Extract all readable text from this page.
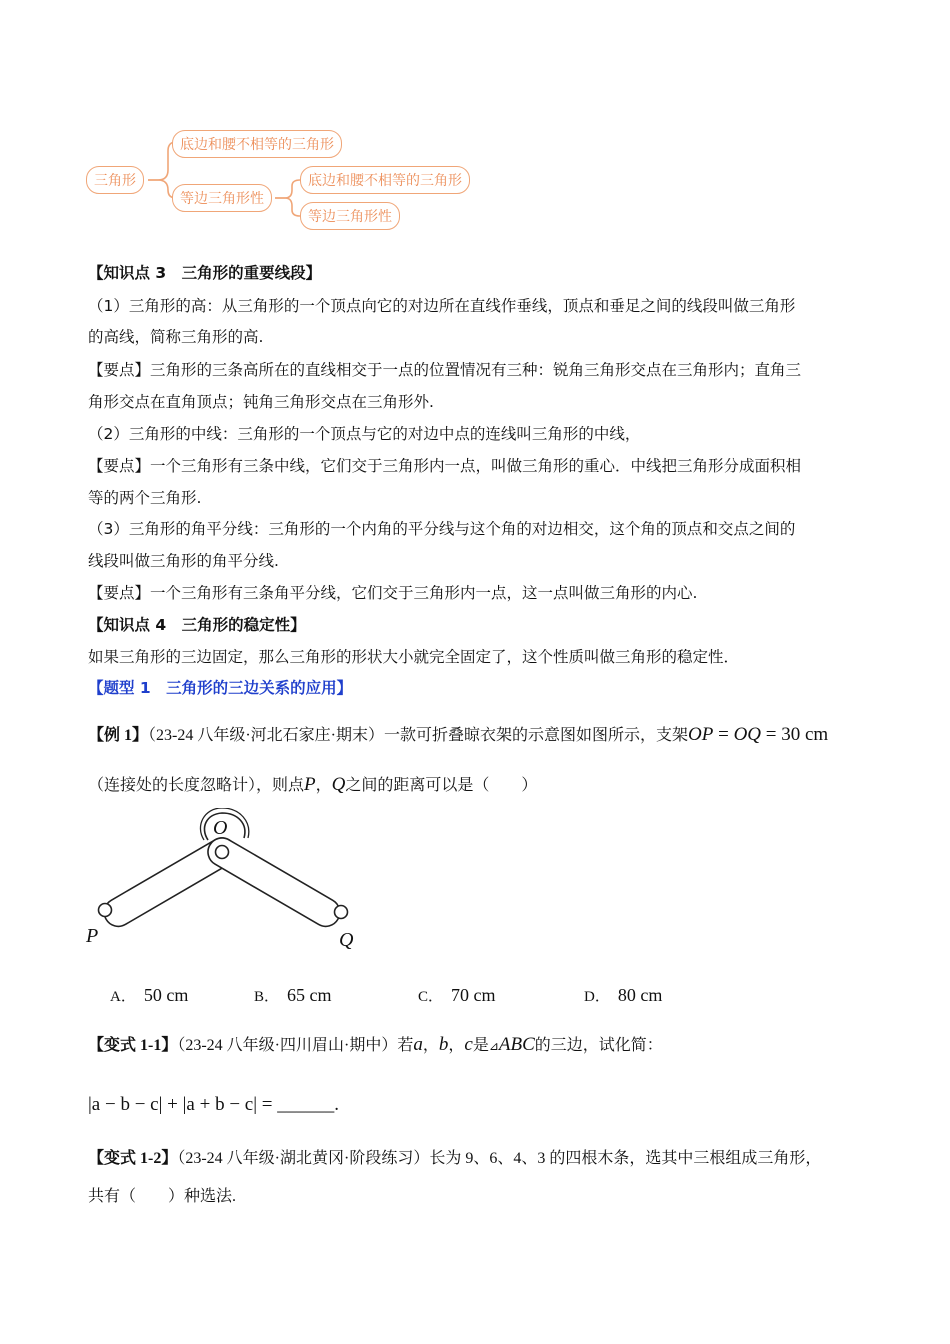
三角形
底边和腰不相等的三角形
等边三角形性
底边和腰不相等的三角形
等边三角形性
【知识点 3　三角形的重要线段】
（1）三角形的高：从三角形的一个顶点向它的对边所在直线作垂线，顶点和垂足之间的线段叫做三角形
的高线，简称三角形的高.
【要点】三角形的三条高所在的直线相交于一点的位置情况有三种：锐角三角形交点在三角形内；直角三
角形交点在直角顶点；钝角三角形交点在三角形外.
（2）三角形的中线：三角形的一个顶点与它的对边中点的连线叫三角形的中线，
【要点】一个三角形有三条中线，它们交于三角形内一点，叫做三角形的重心．中线把三角形分成面积相
等的两个三角形.
（3）三角形的角平分线：三角形的一个内角的平分线与这个角的对边相交，这个角的顶点和交点之间的
线段叫做三角形的角平分线.
【要点】一个三角形有三条角平分线，它们交于三角形内一点，这一点叫做三角形的内心.
【知识点 4　三角形的稳定性】
如果三角形的三边固定，那么三角形的形状大小就完全固定了，这个性质叫做三角形的稳定性．
【题型 1　三角形的三边关系的应用】
【例 1】（23-24 八年级·河北石家庄·期末）一款可折叠晾衣架的示意图如图所示，支架OP = OQ = 30 cm
（连接处的长度忽略计），则点P，Q之间的距离可以是（　　）
O
P	Q
A． 50 cm	B． 65 cm	C． 70 cm	D． 80 cm
【变式 1-1】（23-24 八年级·四川眉山·期中）若a，b，c是⊿ABC的三边，试化简：
|a − b − c| + |a + b − c| = ______.
【变式 1-2】（23-24 八年级·湖北黄冈·阶段练习）长为 9、6、4、3 的四根木条，选其中三根组成三角形，
共有（　　）种选法.
